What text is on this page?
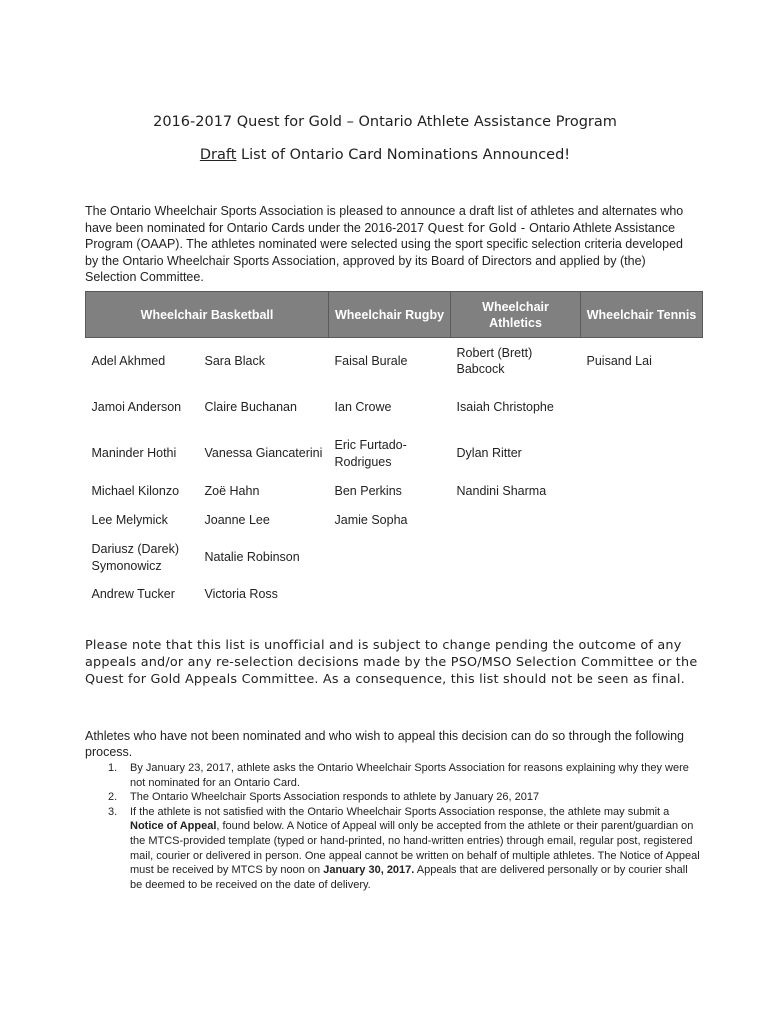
2016-2017 Quest for Gold – Ontario Athlete Assistance Program
Draft List of Ontario Card Nominations Announced!
The Ontario Wheelchair Sports Association is pleased to announce a draft list of athletes and alternates who have been nominated for Ontario Cards under the 2016-2017 Quest for Gold - Ontario Athlete Assistance Program (OAAP). The athletes nominated were selected using the sport specific selection criteria developed by the Ontario Wheelchair Sports Association, approved by its Board of Directors and applied by (the) Selection Committee.
Wheelchair Basketball		Wheelchair Rugby	Wheelchair Athletics	Wheelchair Tennis
Adel Akhmed	Sara Black	Faisal Burale	Robert (Brett) Babcock	Puisand Lai
Jamoi Anderson	Claire Buchanan	Ian Crowe	Isaiah Christophe	
Maninder Hothi	Vanessa Giancaterini	Eric Furtado-Rodrigues	Dylan Ritter	
Michael Kilonzo	Zoë Hahn	Ben Perkins	Nandini Sharma	
Lee Melymick	Joanne Lee	Jamie Sopha		
Dariusz (Darek) Symonowicz	Natalie Robinson			
Andrew Tucker	Victoria Ross			
Please note that this list is unofficial and is subject to change pending the outcome of any appeals and/or any re-selection decisions made by the PSO/MSO Selection Committee or the Quest for Gold Appeals Committee. As a consequence, this list should not be seen as final.
Athletes who have not been nominated and who wish to appeal this decision can do so through the following process.
1. By January 23, 2017, athlete asks the Ontario Wheelchair Sports Association for reasons explaining why they were not nominated for an Ontario Card.
2. The Ontario Wheelchair Sports Association responds to athlete by January 26, 2017
3. If the athlete is not satisfied with the Ontario Wheelchair Sports Association response, the athlete may submit a Notice of Appeal, found below. A Notice of Appeal will only be accepted from the athlete or their parent/guardian on the MTCS-provided template (typed or hand-printed, no hand-written entries) through email, regular post, registered mail, courier or delivered in person. One appeal cannot be written on behalf of multiple athletes. The Notice of Appeal must be received by MTCS by noon on January 30, 2017. Appeals that are delivered personally or by courier shall be deemed to be received on the date of delivery.
